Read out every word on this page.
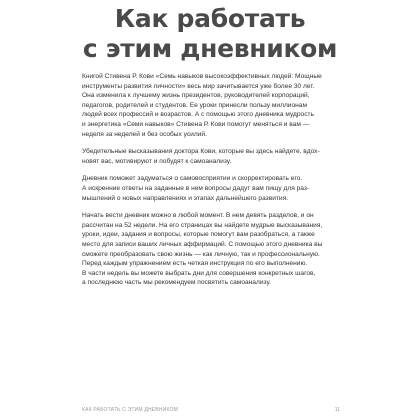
Как работать
с этим дневником

Книгой Стивена Р. Кови «Семь навыков высокоэффективных людей: Мощные
инструменты развития личности» весь мир зачитывается уже более 30 лет.
Она изменила к лучшему жизнь президентов, руководителей корпораций,
педагогов, родителей и студентов. Ее уроки принесли пользу миллионам
людей всех профессий и возрастов. А с помощью этого дневника мудрость
и энергетика «Семи навыков» Стивена Р. Кови помогут меняться и вам —
неделя за неделей и без особых усилий.

Убедительные высказывания доктора Кови, которые вы здесь найдете, вдох-
новят вас, мотивируют и побудят к самоанализу.

Дневник поможет задуматься о самовосприятии и скорректировать его.
А искренние ответы на заданные в нем вопросы дадут вам пищу для раз-
мышлений о новых направлениях и этапах дальнейшего развития.

Начать вести дневник можно в любой момент. В нем девять разделов, и он
рассчитан на 52 недели. На его страницах вы найдете мудрые высказывания,
уроки, идеи, задания и вопросы, которые помогут вам разобраться, а также
место для записи ваших личных аффирмаций. С помощью этого дневника вы
сможете преобразовать свою жизнь — как личную, так и профессиональную.
Перед каждым упражнением есть четкая инструкция по его выполнению.
В части недель вы можете выбрать дни для совершения конкретных шагов,
а последнюю часть мы рекомендуем посвятить самоанализу.

КАК РАБОТАТЬ С ЭТИМ ДНЕВНИКОМ	11
